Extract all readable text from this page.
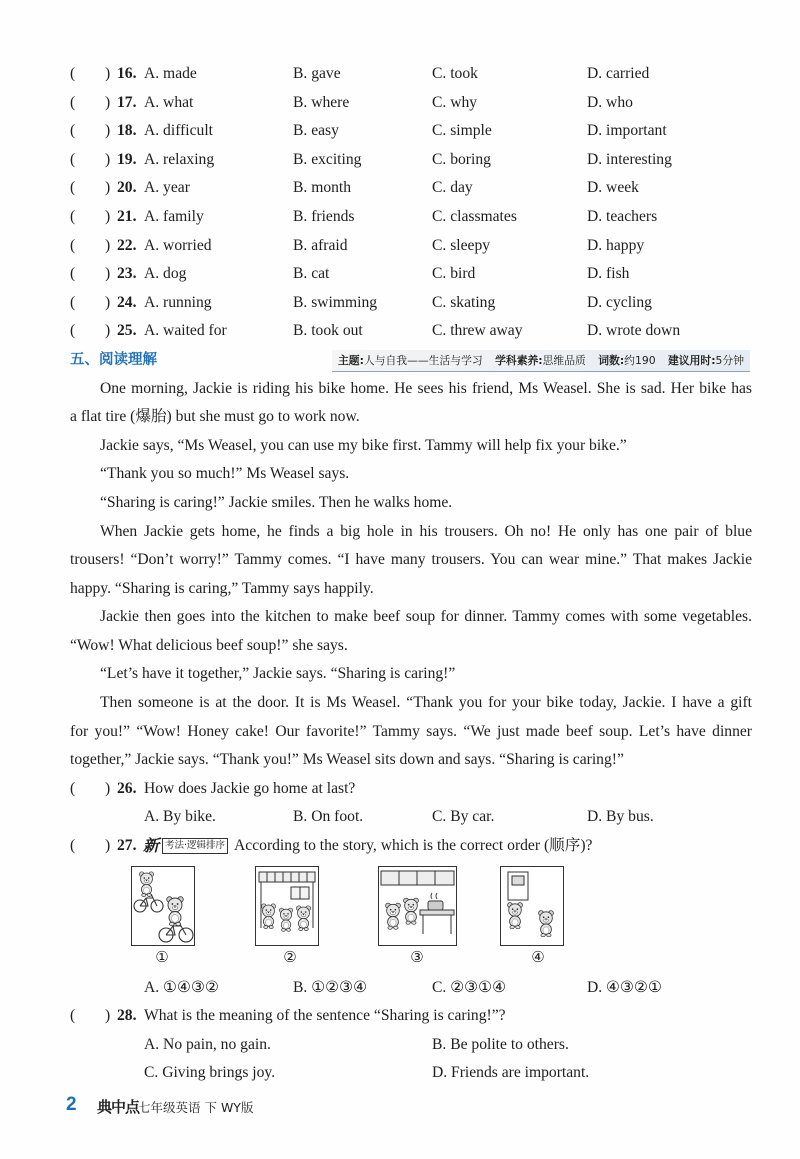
( ) 16. A. made	B. gave	C. took	D. carried
( ) 17. A. what	B. where	C. why	D. who
( ) 18. A. difficult	B. easy	C. simple	D. important
( ) 19. A. relaxing	B. exciting	C. boring	D. interesting
( ) 20. A. year	B. month	C. day	D. week
( ) 21. A. family	B. friends	C. classmates	D. teachers
( ) 22. A. worried	B. afraid	C. sleepy	D. happy
( ) 23. A. dog	B. cat	C. bird	D. fish
( ) 24. A. running	B. swimming	C. skating	D. cycling
( ) 25. A. waited for	B. took out	C. threw away	D. wrote down
五、阅读理解	主题:人与自我——生活与学习 学科素养:思维品质 词数:约190 建议用时:5分钟
One morning, Jackie is riding his bike home. He sees his friend, Ms Weasel. She is sad. Her bike has
a flat tire (爆胎) but she must go to work now.
Jackie says, “Ms Weasel, you can use my bike first. Tammy will help fix your bike.”
“Thank you so much!” Ms Weasel says.
“Sharing is caring!” Jackie smiles. Then he walks home.
When Jackie gets home, he finds a big hole in his trousers. Oh no! He only has one pair of blue
trousers! “Don’t worry!” Tammy comes. “I have many trousers. You can wear mine.” That makes Jackie
happy. “Sharing is caring,” Tammy says happily.
Jackie then goes into the kitchen to make beef soup for dinner. Tammy comes with some vegetables.
“Wow! What delicious beef soup!” she says.
“Let’s have it together,” Jackie says. “Sharing is caring!”
Then someone is at the door. It is Ms Weasel. “Thank you for your bike today, Jackie. I have a gift
for you!” “Wow! Honey cake! Our favorite!” Tammy says. “We just made beef soup. Let’s have dinner
together,” Jackie says. “Thank you!” Ms Weasel sits down and says. “Sharing is caring!”
( ) 26. How does Jackie go home at last?
A. By bike.	B. On foot.	C. By car.	D. By bus.
( ) 27. 新 考法·逻辑排序 According to the story, which is the correct order (顺序)?
①	②	③	④
A. ①④③②	B. ①②③④	C. ②③①④	D. ④③②①
( ) 28. What is the meaning of the sentence “Sharing is caring!”?
A. No pain, no gain.	B. Be polite to others.
C. Giving brings joy.	D. Friends are important.
2 典中点
七年级英语 下 WY版
